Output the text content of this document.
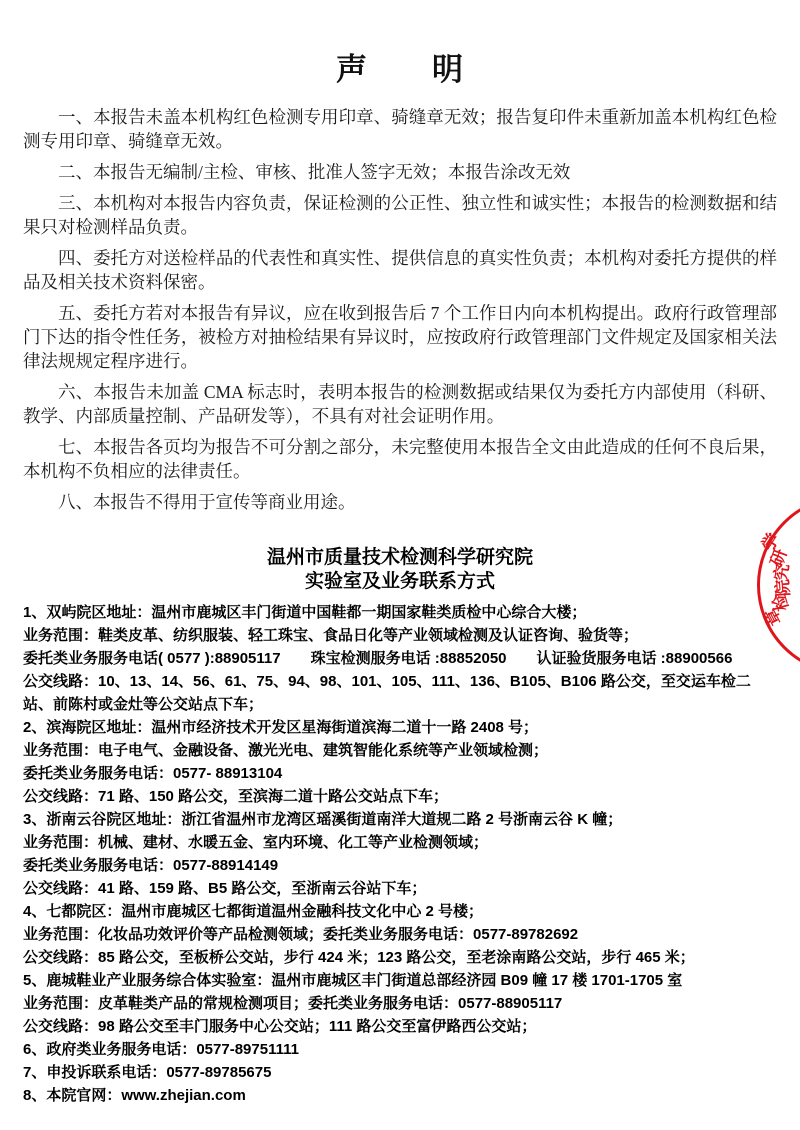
声　　明

一、本报告未盖本机构红色检测专用印章、骑缝章无效；报告复印件未重新加盖本机构红色检测专用印章、骑缝章无效。

二、本报告无编制/主检、审核、批准人签字无效；本报告涂改无效

三、本机构对本报告内容负责，保证检测的公正性、独立性和诚实性；本报告的检测数据和结果只对检测样品负责。

四、委托方对送检样品的代表性和真实性、提供信息的真实性负责；本机构对委托方提供的样品及相关技术资料保密。

五、委托方若对本报告有异议，应在收到报告后 7 个工作日内向本机构提出。政府行政管理部门下达的指令性任务，被检方对抽检结果有异议时，应按政府行政管理部门文件规定及国家相关法律法规规定程序进行。

六、本报告未加盖 CMA 标志时，表明本报告的检测数据或结果仅为委托方内部使用（科研、教学、内部质量控制、产品研发等），不具有对社会证明作用。

七、本报告各页均为报告不可分割之部分，未完整使用本报告全文由此造成的任何不良后果，本机构不负相应的法律责任。

八、本报告不得用于宣传等商业用途。

温州市质量技术检测科学研究院
实验室及业务联系方式

1、双屿院区地址：温州市鹿城区丰门街道中国鞋都一期国家鞋类质检中心综合大楼；

业务范围：鞋类皮革、纺织服装、轻工珠宝、食品日化等产业领域检测及认证咨询、验货等；

委托类业务服务电话( 0577 ):88905117　　珠宝检测服务电话 :88852050　　认证验货服务电话 :88900566

公交线路：10、13、14、56、61、75、94、98、101、105、111、136、B105、B106 路公交，至交运车检二站、前陈村或金灶等公交站点下车；

2、滨海院区地址：温州市经济技术开发区星海街道滨海二道十一路 2408 号；

业务范围：电子电气、金融设备、激光光电、建筑智能化系统等产业领域检测；

委托类业务服务电话：0577- 88913104

公交线路：71 路、150 路公交，至滨海二道十路公交站点下车；

3、浙南云谷院区地址：浙江省温州市龙湾区瑶溪街道南洋大道规二路 2 号浙南云谷 K 幢；

业务范围：机械、建材、水暖五金、室内环境、化工等产业检测领域；

委托类业务服务电话：0577-88914149

公交线路：41 路、159 路、B5 路公交，至浙南云谷站下车；

4、七都院区：温州市鹿城区七都街道温州金融科技文化中心 2 号楼；

业务范围：化妆品功效评价等产品检测领域；委托类业务服务电话：0577-89782692

公交线路：85 路公交，至板桥公交站，步行 424 米；123 路公交，至老涂南路公交站，步行 465 米；

5、鹿城鞋业产业服务综合体实验室：温州市鹿城区丰门街道总部经济园 B09 幢 17 楼 1701-1705 室

业务范围：皮革鞋类产品的常规检测项目；委托类业务服务电话：0577-88905117

公交线路：98 路公交至丰门服务中心公交站；111 路公交至富伊路西公交站；

6、政府类业务服务电话：0577-89751111

7、申投诉联系电话：0577-89785675

8、本院官网：www.zhejian.com

学
研
究
院
检
章
